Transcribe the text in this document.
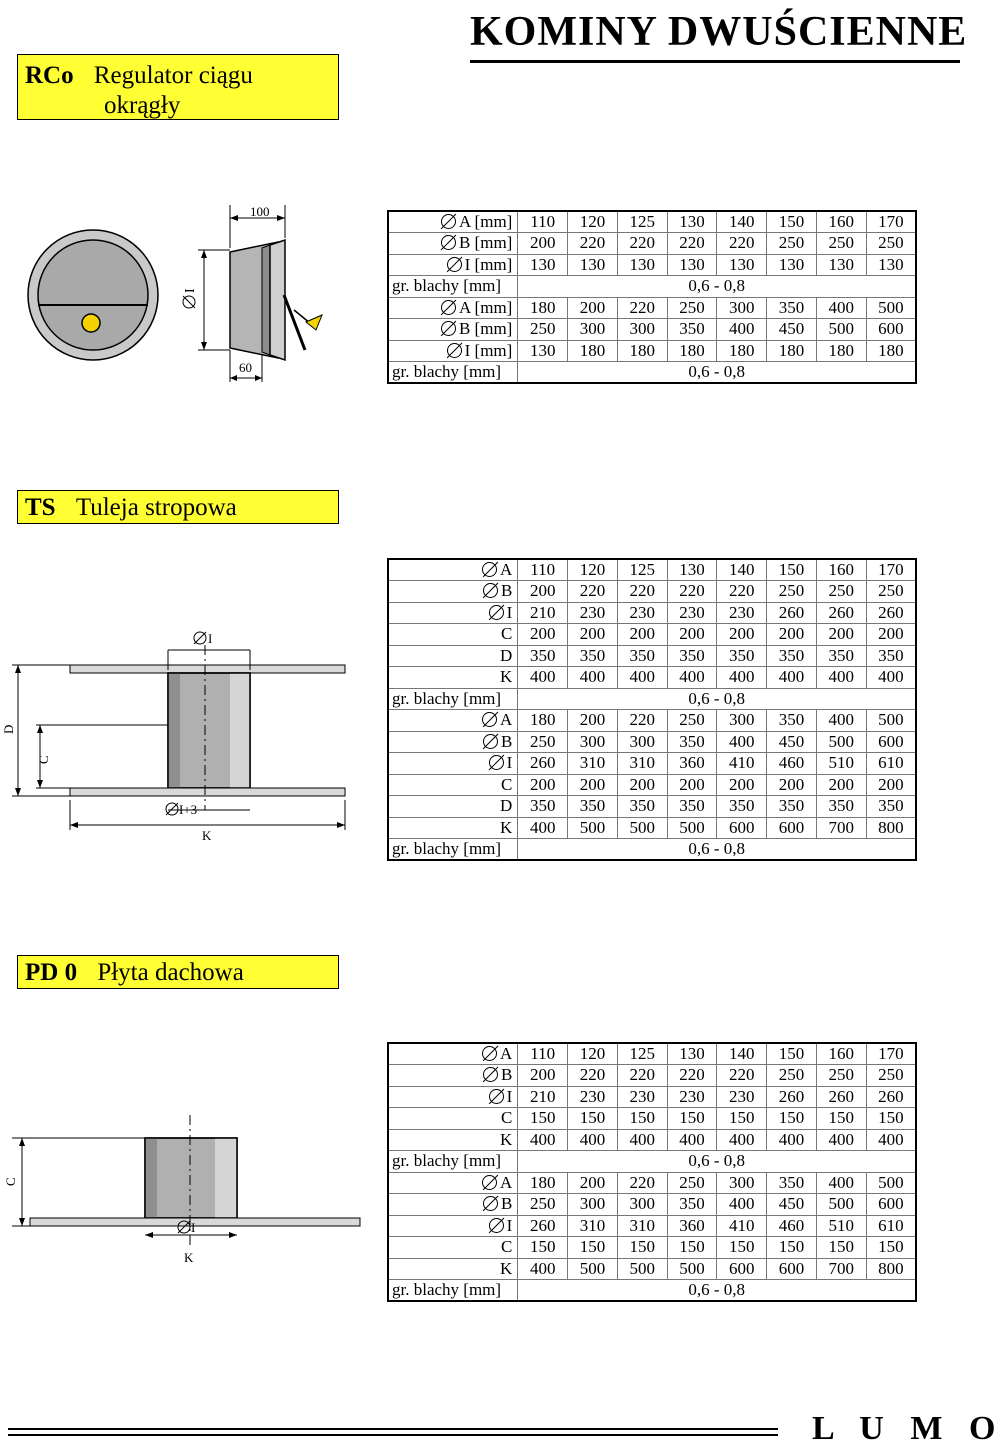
KOMINY DWUŚCIENNE
RCo Regulator ciągu
okrągły
100
60
I
A [mm]	110	120	125	130	140	150	160	170
B [mm]	200	220	220	220	220	250	250	250
I [mm]	130	130	130	130	130	130	130	130
gr. blachy [mm]	0,6 - 0,8							
A [mm]	180	200	220	250	300	350	400	500
B [mm]	250	300	300	350	400	450	500	600
I [mm]	130	180	180	180	180	180	180	180
gr. blachy [mm]	0,6 - 0,8							
TS Tuleja stropowa
I
I+3
K
D
C
A	110	120	125	130	140	150	160	170
B	200	220	220	220	220	250	250	250
I	210	230	230	230	230	260	260	260
C	200	200	200	200	200	200	200	200
D	350	350	350	350	350	350	350	350
K	400	400	400	400	400	400	400	400
gr. blachy [mm]	0,6 - 0,8							
A	180	200	220	250	300	350	400	500
B	250	300	300	350	400	450	500	600
I	260	310	310	360	410	460	510	610
C	200	200	200	200	200	200	200	200
D	350	350	350	350	350	350	350	350
K	400	500	500	500	600	600	700	800
gr. blachy [mm]	0,6 - 0,8							
PD 0 Płyta dachowa
I
K
C
A	110	120	125	130	140	150	160	170
B	200	220	220	220	220	250	250	250
I	210	230	230	230	230	260	260	260
C	150	150	150	150	150	150	150	150
K	400	400	400	400	400	400	400	400
gr. blachy [mm]	0,6 - 0,8							
A	180	200	220	250	300	350	400	500
B	250	300	300	350	400	450	500	600
I	260	310	310	360	410	460	510	610
C	150	150	150	150	150	150	150	150
K	400	500	500	500	600	600	700	800
gr. blachy [mm]	0,6 - 0,8							
L U M O
